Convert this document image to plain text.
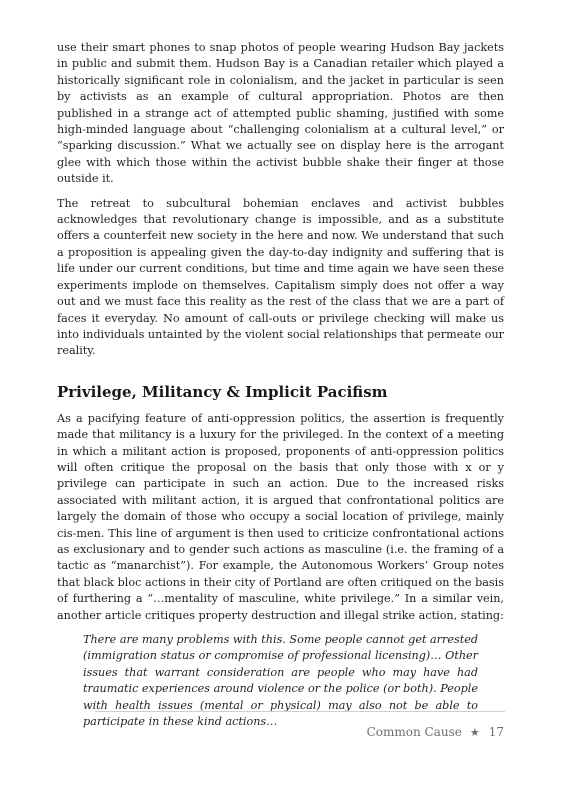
use their smart phones to snap photos of people wearing Hudson Bay jackets in public and submit them. Hudson Bay is a Canadian retailer which played a historically significant role in colonialism, and the jacket in particular is seen by activists as an example of cultural appropriation. Photos are then published in a strange act of attempted public shaming, justified with some high-minded language about “challenging colonialism at a cultural level,” or “sparking discussion.” What we actually see on display here is the arrogant glee with which those within the activist bubble shake their finger at those outside it.

The retreat to subcultural bohemian enclaves and activist bubbles acknowledges that revolutionary change is impossible, and as a substitute offers a counterfeit new society in the here and now. We understand that such a proposition is appealing given the day-to-day indignity and suffering that is life under our current conditions, but time and time again we have seen these experiments implode on themselves. Capitalism simply does not offer a way out and we must face this reality as the rest of the class that we are a part of faces it everyday. No amount of call-outs or privilege checking will make us into individuals untainted by the violent social relationships that permeate our reality.

Privilege, Militancy & Implicit Pacifism

As a pacifying feature of anti-oppression politics, the assertion is frequently made that militancy is a luxury for the privileged. In the context of a meeting in which a militant action is proposed, proponents of anti-oppression politics will often critique the proposal on the basis that only those with x or y privilege can participate in such an action. Due to the increased risks associated with militant action, it is argued that confrontational politics are largely the domain of those who occupy a social location of privilege, mainly cis-men. This line of argument is then used to criticize confrontational actions as exclusionary and to gender such actions as masculine (i.e. the framing of a tactic as “manarchist”). For example, the Autonomous Workers’ Group notes that black bloc actions in their city of Portland are often critiqued on the basis of furthering a “…mentality of masculine, white privilege.” In a similar vein, another article critiques property destruction and illegal strike action, stating:

There are many problems with this. Some people cannot get arrested (immigration status or compromise of professional licensing)… Other issues that warrant consideration are people who may have had traumatic experiences around violence or the police (or both). People with health issues (mental or physical) may also not be able to participate in these kind actions…
Common Cause ★ 17
